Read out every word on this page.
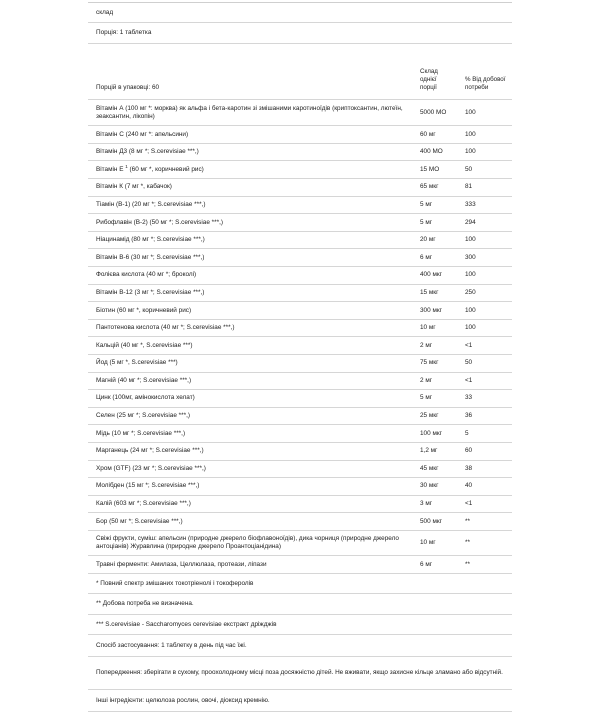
склад		
Порція: 1 таблетка		
Порцій в упаковці: 60	Склад однієї порції	% Від добової потреби

Вітамін А (100 мг *: морква) як альфа і бета-каротин зі змішаними каротиноїдів (криптоксантин, лютеїн, зеаксантин, лікопін)	5000 МО	100
Вітамін С (240 мг *: апельсини)	60 мг	100
Вітамін Д3 (8 мг *; S.cerevisiae ***,)	400 МО	100
Вітамін Е $^1$ (60 мг *, коричневий рис)	15 МО	50
Вітамін К (7 мг *, кабачок)	65 мкг	81
Тіамін (В-1) (20 мг *; S.cerevisiae ***,)	5 мг	333
Рибофлавін (В-2) (50 мг *; S.cerevisiae ***,)	5 мг	294
Ніацинамід (80 мг *; S.cerevisiae ***,)	20 мг	100
Вітамін В-6 (30 мг *; S.cerevisiae ***,)	6 мг	300
Фолієва кислота (40 мг *; броколі)	400 мкг	100
Вітамін В-12 (3 мг *; S.cerevisiae ***,)	15 мкг	250
Біотин (60 мг *, коричневий рис)	300 мкг	100
Пантотенова кислота (40 мг *; S.cerevisiae ***,)	10 мг	100
Кальцій (40 мг *, S.cerevisiae ***)	2 мг	<1
Йод (5 мг *, S.cerevisiae ***)	75 мкг	50
Магній (40 мг *; S.cerevisiae ***,)	2 мг	<1
Цинк (100мг, амінокислота хелат)	5 мг	33
Селен (25 мг *; S.cerevisiae ***,)	25 мкг	36
Мідь (10 мг *; S.cerevisiae ***,)	100 мкг	5
Марганець (24 мг *; S.cerevisiae ***,)	1,2 мг	60
Хром (GTF) (23 мг *; S.cerevisiae ***,)	45 мкг	38
Молібден (15 мг *; S.cerevisiae ***,)	30 мкг	40
Калій (603 мг *; S.cerevisiae ***,)	3 мг	<1
Бор (50 мг *; S.cerevisiae ***,)	500 мкг	**
Свіжі фрукти, суміш: апельсин (природне джерело біофлавоноїдів), дика чорниця (природне джерело антоціанів) Журавлина (природне джерело Проантоціанідина)	10 мг	**
Травні ферменти: Амилаза, Целлюлаза, протеази, ліпази	6 мг	**
* Повний спектр змішаних токотріенолі і токоферолів		
** Добова потреба не визначена.		
*** S.cerevisiae - Saccharomyces cerevisiae екстракт дріжджів		
Спосіб застосування: 1 таблетку в день під час їжі.		
Попередження: зберігати в сухому, проохолодному місці поза досяжністю дітей. Не вживати, якщо захисне кільце зламано або відсутній.		
Інші інгредієнти: целюлоза рослин, овочі, діоксид кремнію.		
